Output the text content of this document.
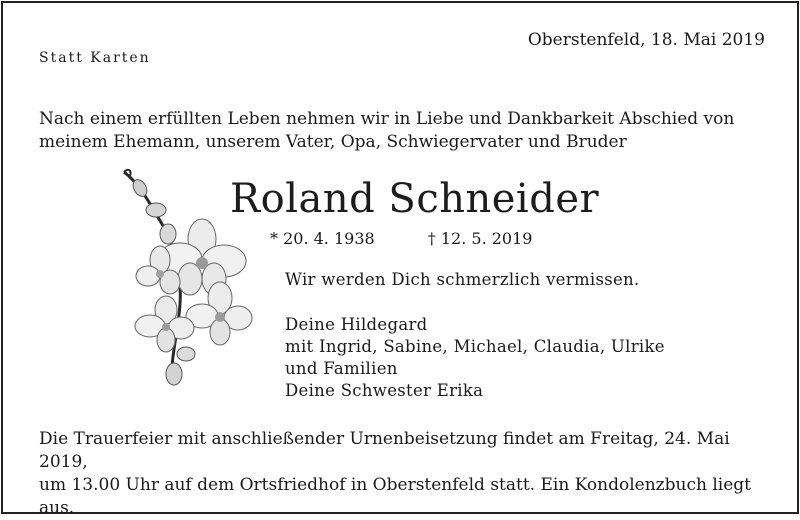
Statt Karten
Oberstenfeld, 18. Mai 2019
Nach einem erfüllten Leben nehmen wir in Liebe und Dankbarkeit Abschied von
meinem Ehemann, unserem Vater, Opa, Schwiegervater und Bruder
Roland Schneider
* 20. 4. 1938	† 12. 5. 2019
Wir werden Dich schmerzlich vermissen.
Deine Hildegard
mit Ingrid, Sabine, Michael, Claudia, Ulrike
und Familien
Deine Schwester Erika
Die Trauerfeier mit anschließender Urnenbeisetzung findet am Freitag, 24. Mai 2019,
um 13.00 Uhr auf dem Ortsfriedhof in Oberstenfeld statt. Ein Kondolenzbuch liegt aus.
